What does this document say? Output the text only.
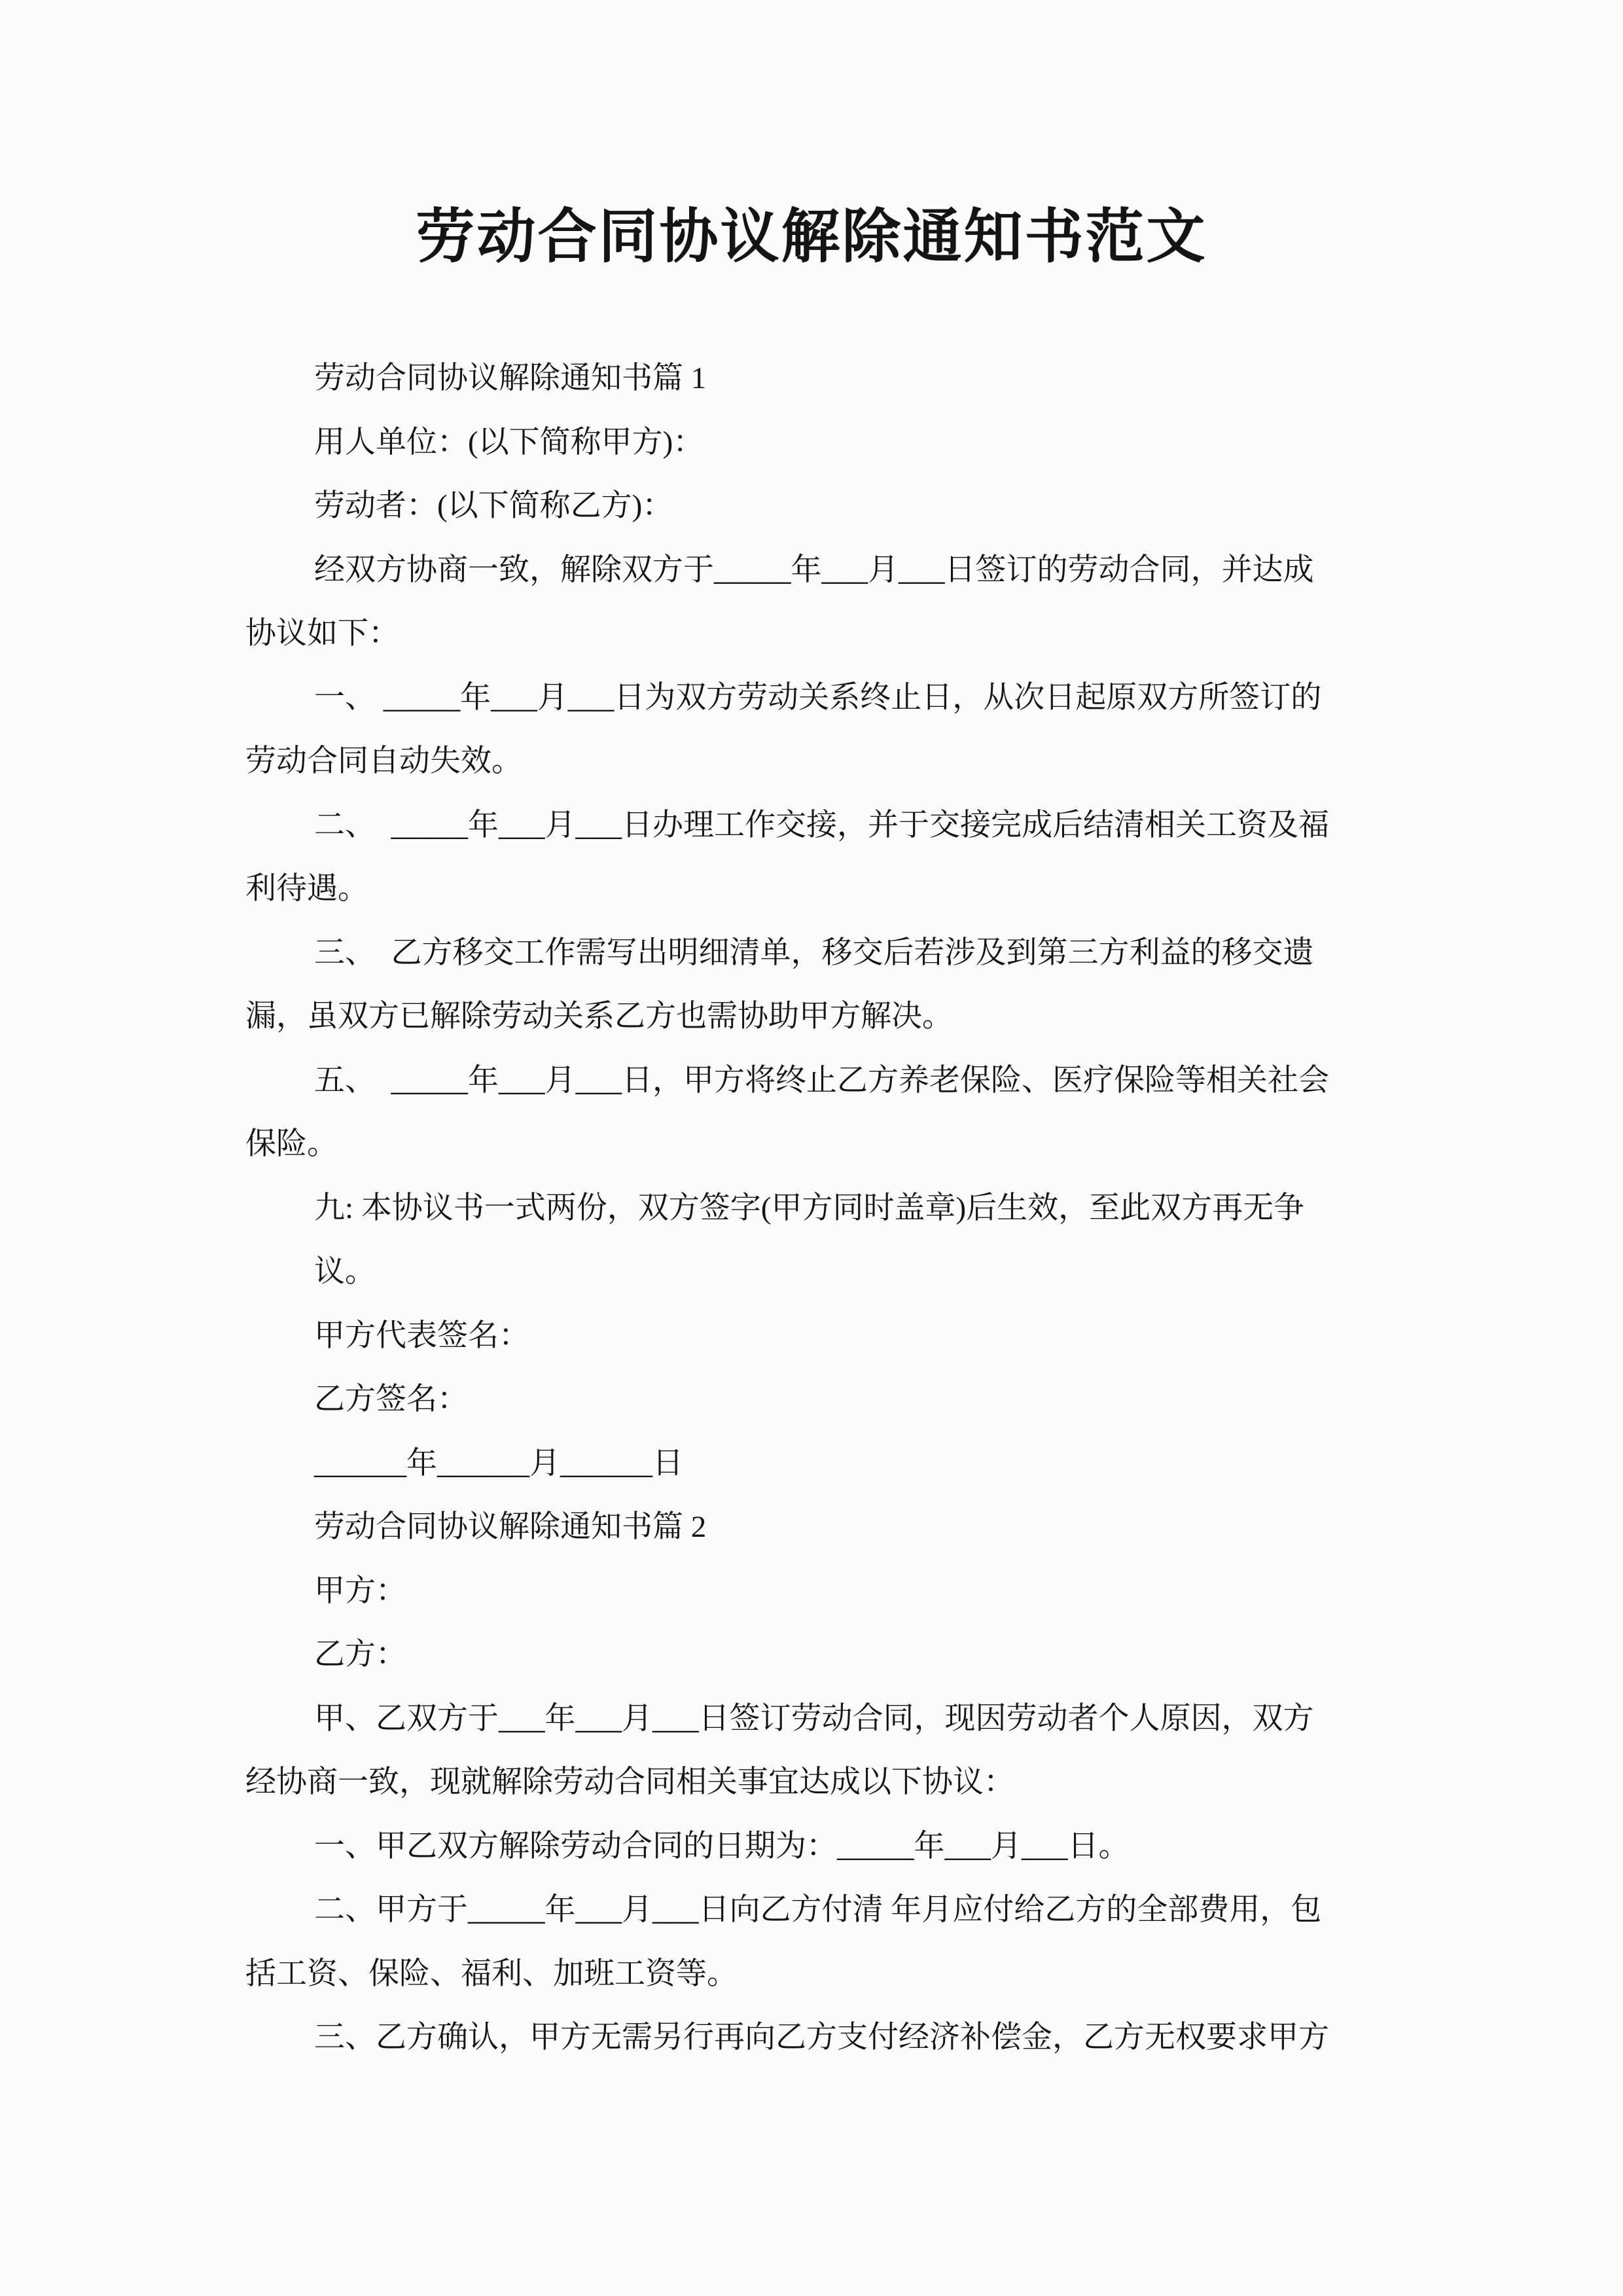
劳动合同协议解除通知书范文
劳动合同协议解除通知书篇 1
用人单位：(以下简称甲方)：
劳动者：(以下简称乙方)：
经双方协商一致，解除双方于_____年___月___日签订的劳动合同，并达成
协议如下：
一、 _____年___月___日为双方劳动关系终止日，从次日起原双方所签订的
劳动合同自动失效。
二、  _____年___月___日办理工作交接，并于交接完成后结清相关工资及福
利待遇。
三、  乙方移交工作需写出明细清单，移交后若涉及到第三方利益的移交遗
漏，虽双方已解除劳动关系乙方也需协助甲方解决。
五、  _____年___月___日，甲方将终止乙方养老保险、医疗保险等相关社会
保险。
九: 本协议书一式两份，双方签字(甲方同时盖章)后生效，至此双方再无争
议。
甲方代表签名：
乙方签名：
______年______月______日
劳动合同协议解除通知书篇 2
甲方：
乙方：
甲、乙双方于___年___月___日签订劳动合同，现因劳动者个人原因，双方
经协商一致，现就解除劳动合同相关事宜达成以下协议：
一、甲乙双方解除劳动合同的日期为：_____年___月___日。
二、甲方于_____年___月___日向乙方付清 年月应付给乙方的全部费用，包
括工资、保险、福利、加班工资等。
三、乙方确认，甲方无需另行再向乙方支付经济补偿金，乙方无权要求甲方
